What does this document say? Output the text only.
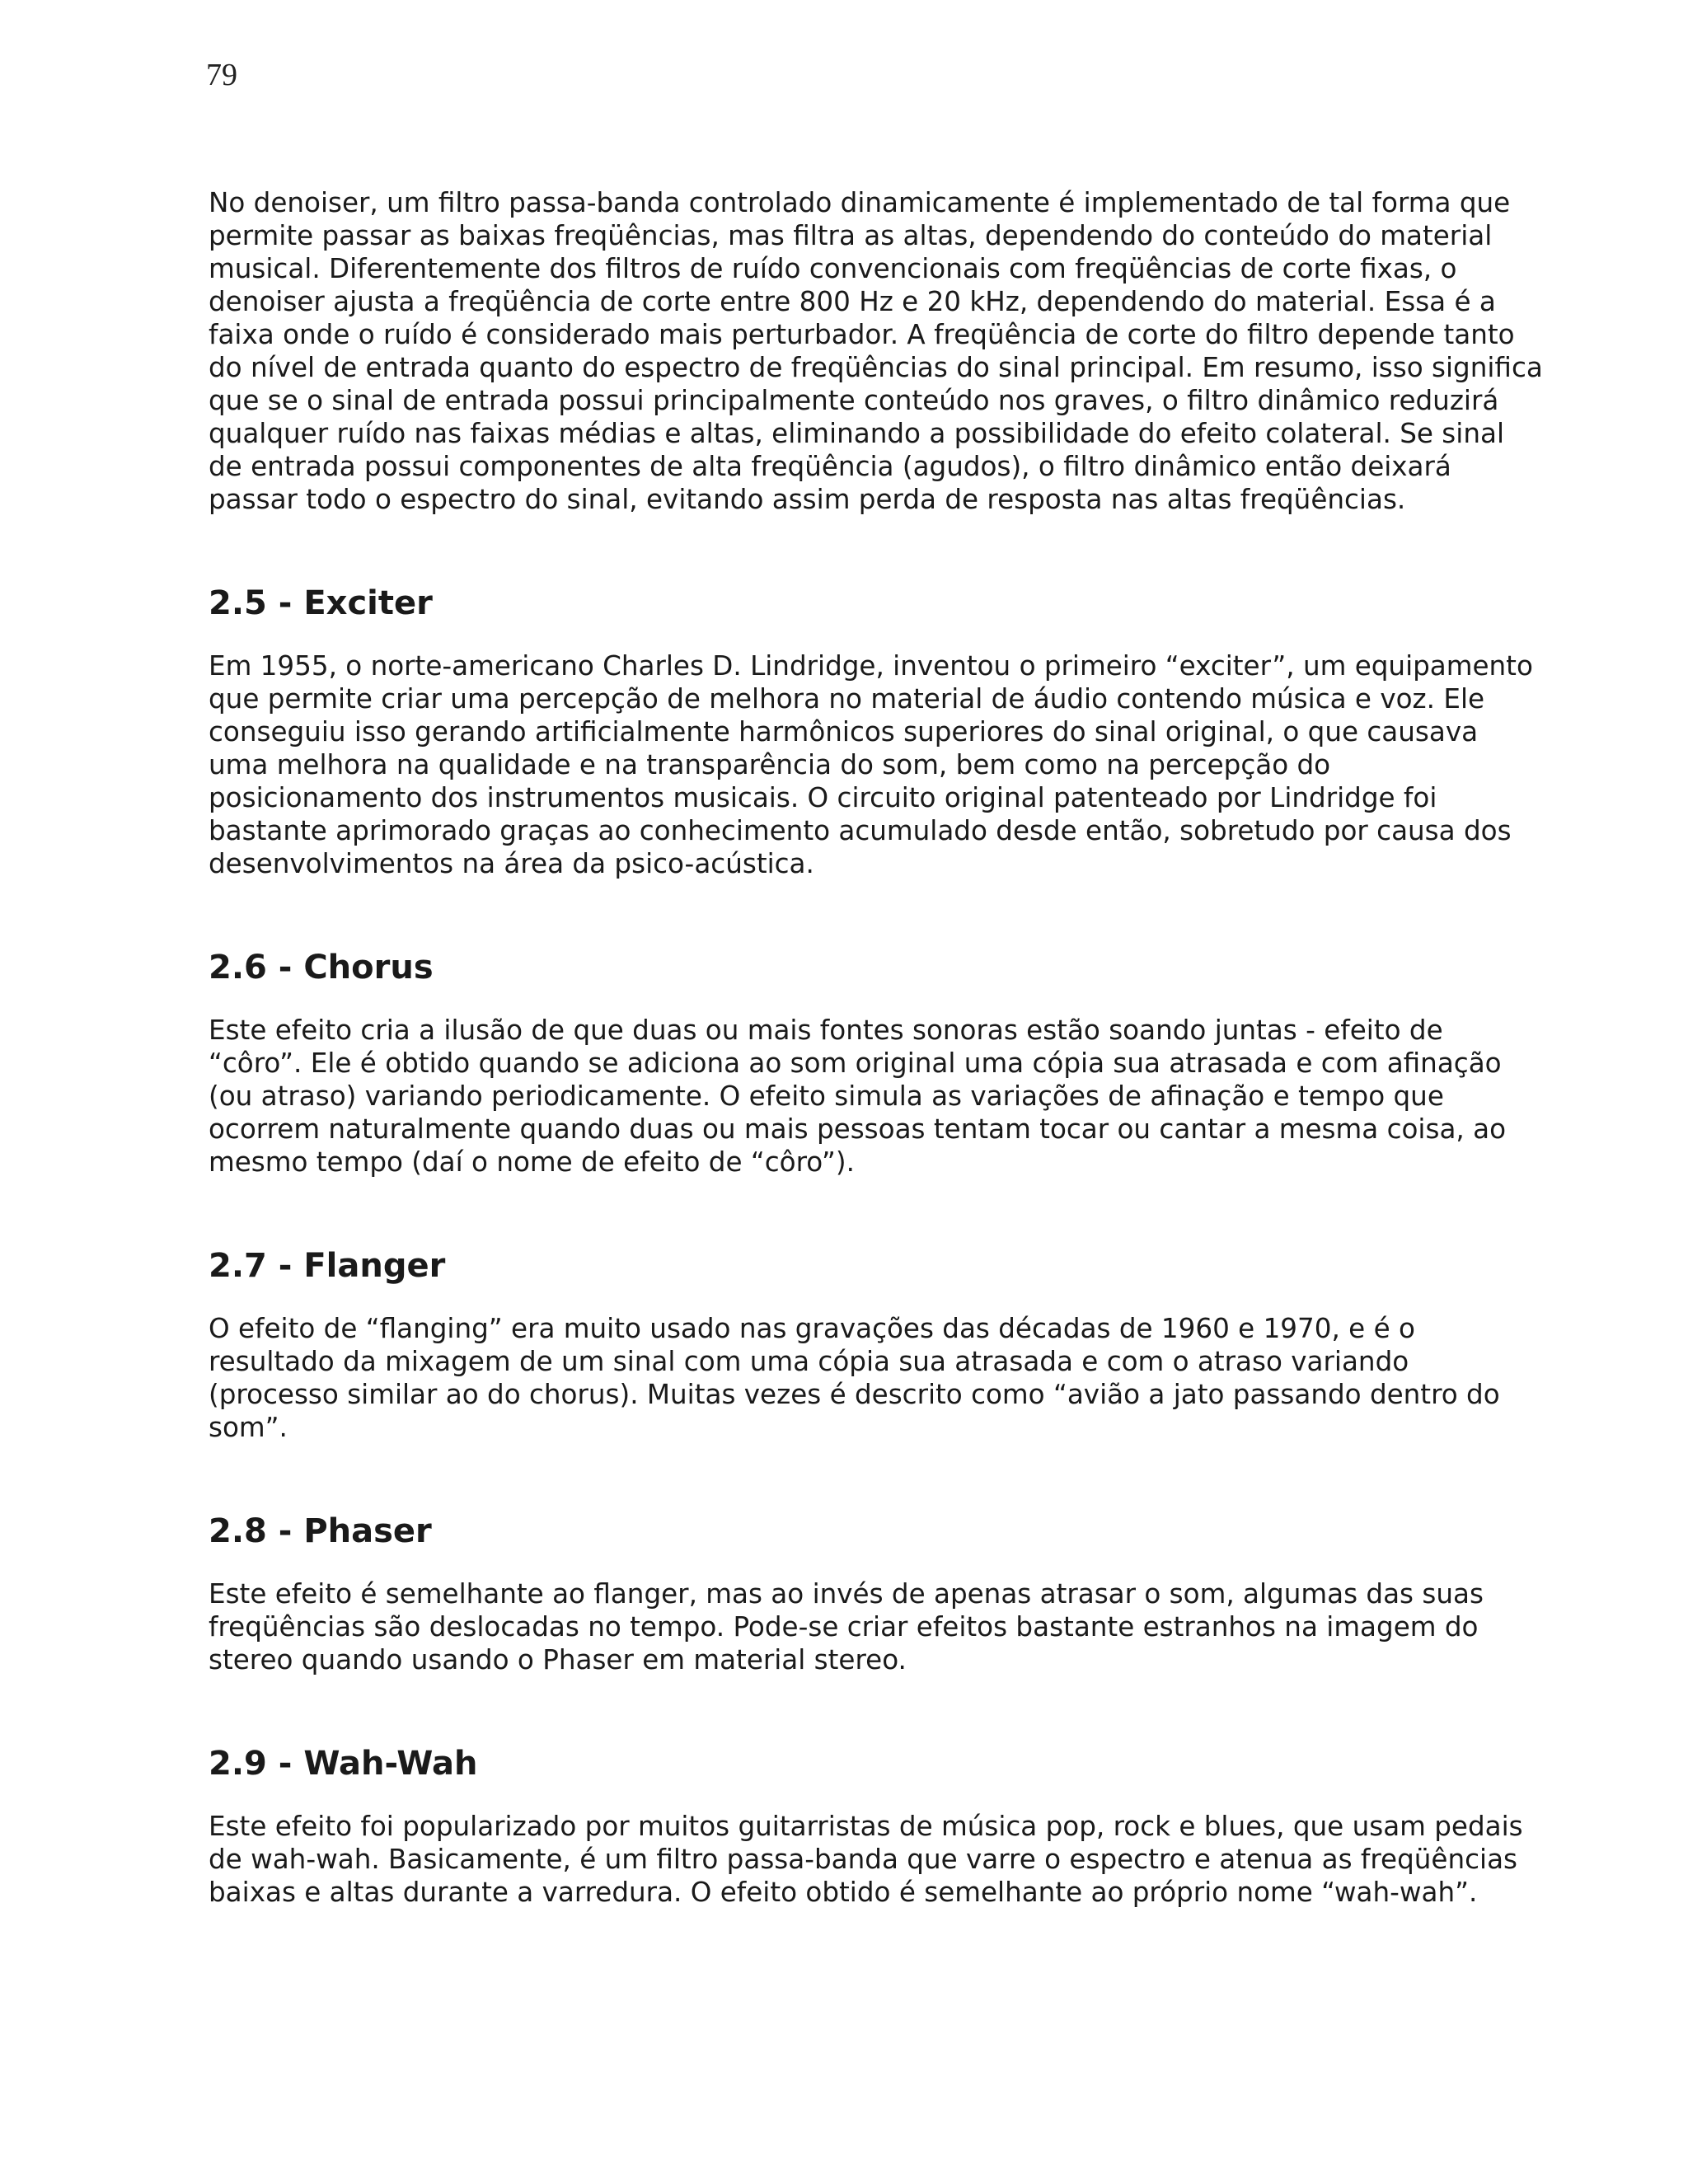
79

No denoiser, um filtro passa-banda controlado dinamicamente é implementado de tal forma que permite passar as baixas freqüências, mas filtra as altas, dependendo do conteúdo do material musical. Diferentemente dos filtros de ruído convencionais com freqüências de corte fixas, o denoiser ajusta a freqüência de corte entre 800 Hz e 20 kHz, dependendo do material. Essa é a faixa onde o ruído é considerado mais perturbador. A freqüência de corte do filtro depende tanto do nível de entrada quanto do espectro de freqüências do sinal principal. Em resumo, isso significa que se o sinal de entrada possui principalmente conteúdo nos graves, o filtro dinâmico reduzirá qualquer ruído nas faixas médias e altas, eliminando a possibilidade do efeito colateral. Se sinal de entrada possui componentes de alta freqüência (agudos), o filtro dinâmico então deixará passar todo o espectro do sinal, evitando assim perda de resposta nas altas freqüências.

2.5 - Exciter

Em 1955, o norte-americano Charles D. Lindridge, inventou o primeiro “exciter”, um equipamento que permite criar uma percepção de melhora no material de áudio contendo música e voz. Ele conseguiu isso gerando artificialmente harmônicos superiores do sinal original, o que causava uma melhora na qualidade e na transparência do som, bem como na percepção do posicionamento dos instrumentos musicais. O circuito original patenteado por Lindridge foi bastante aprimorado graças ao conhecimento acumulado desde então, sobretudo por causa dos desenvolvimentos na área da psico-acústica.

2.6 - Chorus

Este efeito cria a ilusão de que duas ou mais fontes sonoras estão soando juntas - efeito de “côro”. Ele é obtido quando se adiciona ao som original uma cópia sua atrasada e com afinação (ou atraso) variando periodicamente. O efeito simula as variações de afinação e tempo que ocorrem naturalmente quando duas ou mais pessoas tentam tocar ou cantar a mesma coisa, ao mesmo tempo (daí o nome de efeito de “côro”).

2.7 - Flanger

O efeito de “flanging” era muito usado nas gravações das décadas de 1960 e 1970, e é o resultado da mixagem de um sinal com uma cópia sua atrasada e com o atraso variando (processo similar ao do chorus). Muitas vezes é descrito como “avião a jato passando dentro do som”.

2.8 - Phaser

Este efeito é semelhante ao flanger, mas ao invés de apenas atrasar o som, algumas das suas freqüências são deslocadas no tempo. Pode-se criar efeitos bastante estranhos na imagem do stereo quando usando o Phaser em material stereo.

2.9 - Wah-Wah

Este efeito foi popularizado por muitos guitarristas de música pop, rock e blues, que usam pedais de wah-wah. Basicamente, é um filtro passa-banda que varre o espectro e atenua as freqüências baixas e altas durante a varredura. O efeito obtido é semelhante ao próprio nome “wah-wah”.
